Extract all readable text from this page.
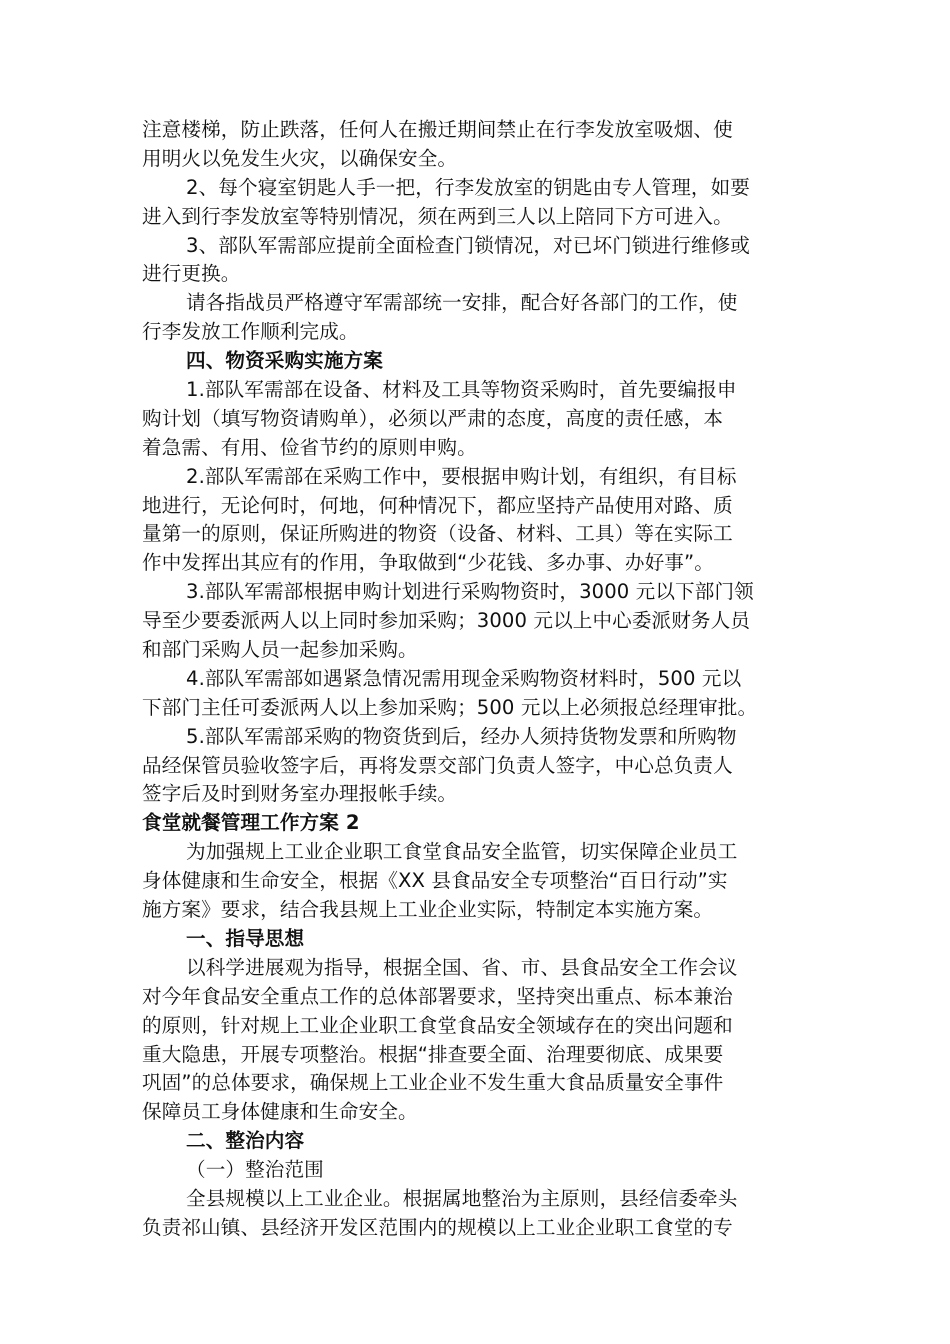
注意楼梯，防止跌落，任何人在搬迁期间禁止在行李发放室吸烟、使
用明火以免发生火灾，以确保安全。
2、每个寝室钥匙人手一把，行李发放室的钥匙由专人管理，如要
进入到行李发放室等特别情况，须在两到三人以上陪同下方可进入。
3、部队军需部应提前全面检查门锁情况，对已坏门锁进行维修或
进行更换。
请各指战员严格遵守军需部统一安排，配合好各部门的工作，使
行李发放工作顺利完成。
四、物资采购实施方案
1.部队军需部在设备、材料及工具等物资采购时，首先要编报申
购计划（填写物资请购单），必须以严肃的态度，高度的责任感，本
着急需、有用、俭省节约的原则申购。
2.部队军需部在采购工作中，要根据申购计划，有组织，有目标
地进行，无论何时，何地，何种情况下，都应坚持产品使用对路、质
量第一的原则，保证所购进的物资（设备、材料、工具）等在实际工
作中发挥出其应有的作用，争取做到“少花钱、多办事、办好事”。
3.部队军需部根据申购计划进行采购物资时，3000 元以下部门领
导至少要委派两人以上同时参加采购；3000 元以上中心委派财务人员
和部门采购人员一起参加采购。
4.部队军需部如遇紧急情况需用现金采购物资材料时，500 元以
下部门主任可委派两人以上参加采购；500 元以上必须报总经理审批。
5.部队军需部采购的物资货到后，经办人须持货物发票和所购物
品经保管员验收签字后，再将发票交部门负责人签字，中心总负责人
签字后及时到财务室办理报帐手续。
食堂就餐管理工作方案 2
为加强规上工业企业职工食堂食品安全监管，切实保障企业员工
身体健康和生命安全，根据《XX 县食品安全专项整治“百日行动”实
施方案》要求，结合我县规上工业企业实际，特制定本实施方案。
一、指导思想
以科学进展观为指导，根据全国、省、市、县食品安全工作会议
对今年食品安全重点工作的总体部署要求，坚持突出重点、标本兼治
的原则，针对规上工业企业职工食堂食品安全领域存在的突出问题和
重大隐患，开展专项整治。根据“排查要全面、治理要彻底、成果要
巩固”的总体要求，确保规上工业企业不发生重大食品质量安全事件
保障员工身体健康和生命安全。
二、整治内容
（一）整治范围
全县规模以上工业企业。根据属地整治为主原则，县经信委牵头
负责祁山镇、县经济开发区范围内的规模以上工业企业职工食堂的专
